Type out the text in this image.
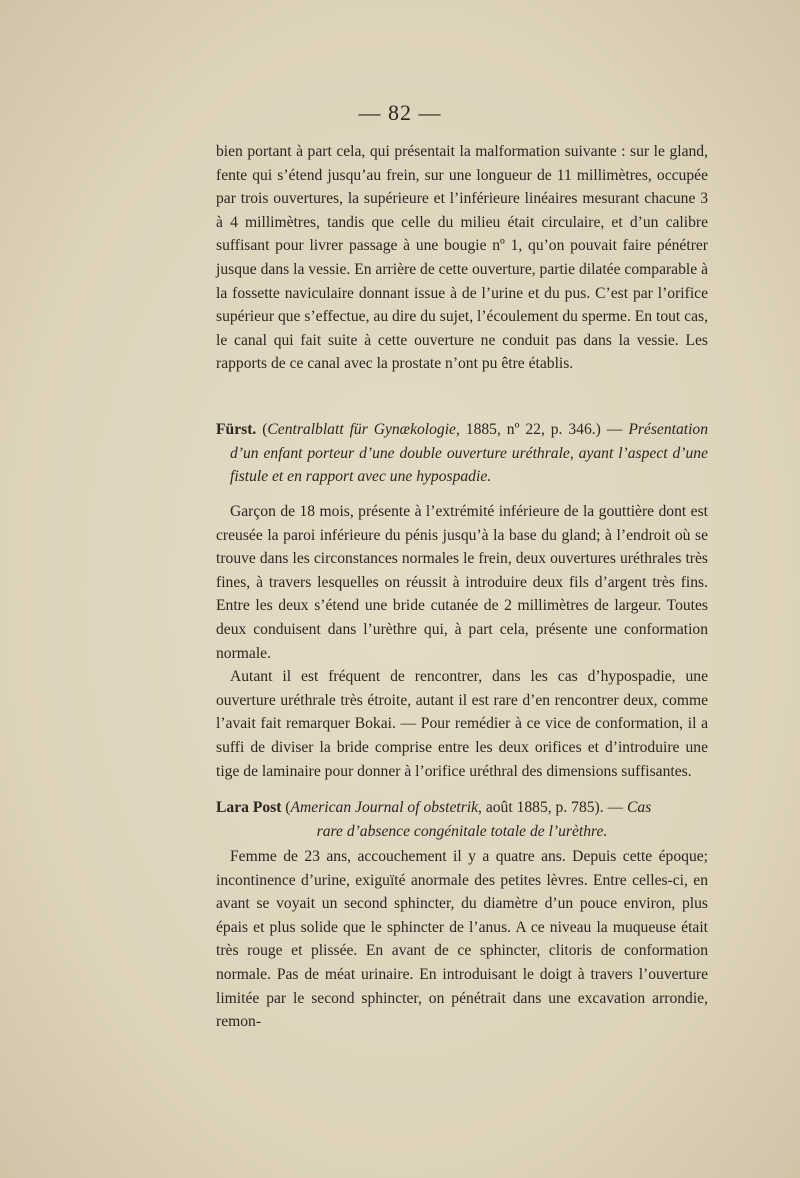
— 82 —

bien portant à part cela, qui présentait la malformation suivante : sur le gland, fente qui s’étend jusqu’au frein, sur une longueur de 11 millimètres, occupée par trois ouvertures, la supérieure et l’inférieure linéaires mesurant chacune 3 à 4 millimètres, tandis que celle du milieu était circulaire, et d’un calibre suffisant pour livrer passage à une bougie nº 1, qu’on pouvait faire pénétrer jusque dans la vessie. En arrière de cette ouverture, partie dilatée comparable à la fossette naviculaire donnant issue à de l’urine et du pus. C’est par l’orifice supérieur que s’effectue, au dire du sujet, l’écoulement du sperme. En tout cas, le canal qui fait suite à cette ouverture ne conduit pas dans la vessie. Les rapports de ce canal avec la prostate n’ont pu être établis.

Fürst. (Centralblatt für Gynækologie, 1885, nº 22, p. 346.) — Présentation d’un enfant porteur d’une double ouverture uréthrale, ayant l’aspect d’une fistule et en rapport avec une hypospadie.

Garçon de 18 mois, présente à l’extrémité inférieure de la gouttière dont est creusée la paroi inférieure du pénis jusqu’à la base du gland; à l’endroit où se trouve dans les circonstances normales le frein, deux ouvertures uréthrales très fines, à travers lesquelles on réussit à introduire deux fils d’argent très fins. Entre les deux s’étend une bride cutanée de 2 millimètres de largeur. Toutes deux conduisent dans l’urèthre qui, à part cela, présente une conformation normale.

Autant il est fréquent de rencontrer, dans les cas d’hypospadie, une ouverture uréthrale très étroite, autant il est rare d’en rencontrer deux, comme l’avait fait remarquer Bokai. — Pour remédier à ce vice de conformation, il a suffi de diviser la bride comprise entre les deux orifices et d’introduire une tige de laminaire pour donner à l’orifice uréthral des dimensions suffisantes.

Lara Post (American Journal of obstetrik, août 1885, p. 785). — Cas
rare d’absence congénitale totale de l’urèthre.

Femme de 23 ans, accouchement il y a quatre ans. Depuis cette époque; incontinence d’urine, exiguïté anormale des petites lèvres. Entre celles-ci, en avant se voyait un second sphincter, du diamètre d’un pouce environ, plus épais et plus solide que le sphincter de l’anus. A ce niveau la muqueuse était très rouge et plissée. En avant de ce sphincter, clitoris de conformation normale. Pas de méat urinaire. En introduisant le doigt à travers l’ouverture limitée par le second sphincter, on pénétrait dans une excavation arrondie, remon-
